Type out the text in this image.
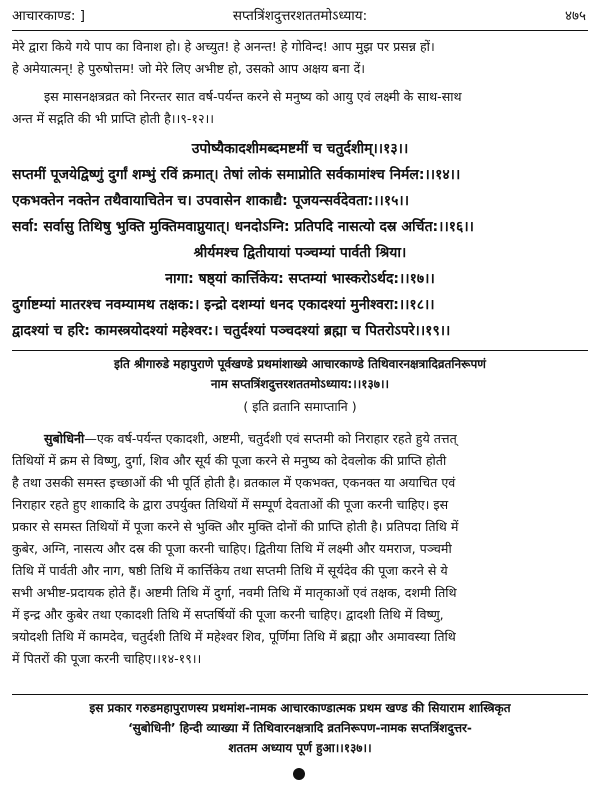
आचारकाण्ड: ]	सप्तत्रिंशदुत्तरशततमोऽध्याय:	४७५
मेरे द्वारा किये गये पाप का विनाश हो। हे अच्युत! हे अनन्त! हे गोविन्द! आप मुझ पर प्रसन्न हों।
हे अमेयात्मन्! हे पुरुषोत्तम! जो मेरे लिए अभीष्ट हो, उसको आप अक्षय बना दें।
इस मासनक्षत्रव्रत को निरन्तर सात वर्ष-पर्यन्त करने से मनुष्य को आयु एवं लक्ष्मी के साथ-साथ
अन्त में सद्गति की भी प्राप्ति होती है।।९-१२।।
उपोष्यैकादशीमब्दमष्टमीं च चतुर्दशीम्।।१३।।
सप्तमीं पूजयेद्विष्णुं दुर्गां शम्भुं रविं क्रमात्। तेषां लोकं समाप्नोति सर्वकामांश्च निर्मल:।।१४।।
एकभक्तेन नक्तेन तथैवायाचितेन च। उपवासेन शाकाद्यै: पूजयन्सर्वदेवता:।।१५।।
सर्वा: सर्वासु तिथिषु भुक्ति मुक्तिमवाप्नुयात्। धनदोऽग्नि: प्रतिपदि नासत्यो दस्र अर्चित:।।१६।।
श्रीर्यमश्च द्वितीयायां पञ्चम्यां पार्वती श्रिया।
नागा: षष्ठ्यां कार्त्तिकेय: सप्तम्यां भास्करोऽर्थद:।।१७।।
दुर्गाष्टम्यां मातरश्च नवम्यामथ तक्षक:। इन्द्रो दशम्यां धनद एकादश्यां मुनीश्वरा:।।१८।।
द्वादश्यां च हरि: कामस्त्रयोदश्यां महेश्वर:। चतुर्दश्यां पञ्चदश्यां ब्रह्मा च पितरोऽपरे।।१९।।
इति श्रीगारुडे महापुराणे पूर्वखण्डे प्रथमांशाख्ये आचारकाण्डे तिथिवारनक्षत्रादिव्रतनिरूपणं
नाम सप्तत्रिंशदुत्तरशततमोऽध्याय:।।१३७।।
( इति व्रतानि समाप्तानि )
सुबोधिनी—एक वर्ष-पर्यन्त एकादशी, अष्टमी, चतुर्दशी एवं सप्तमी को निराहार रहते हुये तत्तत्
तिथियों में क्रम से विष्णु, दुर्गा, शिव और सूर्य की पूजा करने से मनुष्य को देवलोक की प्राप्ति होती
है तथा उसकी समस्त इच्छाओं की भी पूर्ति होती है। व्रतकाल में एकभक्त, एकनक्त या अयाचित एवं
निराहार रहते हुए शाकादि के द्वारा उपर्युक्त तिथियों में सम्पूर्ण देवताओं की पूजा करनी चाहिए। इस
प्रकार से समस्त तिथियों में पूजा करने से भुक्ति और मुक्ति दोनों की प्राप्ति होती है। प्रतिपदा तिथि में
कुबेर, अग्नि, नासत्य और दस्र की पूजा करनी चाहिए। द्वितीया तिथि में लक्ष्मी और यमराज, पञ्चमी
तिथि में पार्वती और नाग, षष्ठी तिथि में कार्त्तिकेय तथा सप्तमी तिथि में सूर्यदेव की पूजा करने से ये
सभी अभीष्ट-प्रदायक होते हैं। अष्टमी तिथि में दुर्गा, नवमी तिथि में मातृकाओं एवं तक्षक, दशमी तिथि
में इन्द्र और कुबेर तथा एकादशी तिथि में सप्तर्षियों की पूजा करनी चाहिए। द्वादशी तिथि में विष्णु,
त्रयोदशी तिथि में कामदेव, चतुर्दशी तिथि में महेश्वर शिव, पूर्णिमा तिथि में ब्रह्मा और अमावस्या तिथि
में पितरों की पूजा करनी चाहिए।।१४-१९।।
इस प्रकार गरुडमहापुराणस्य प्रथमांश-नामक आचारकाण्डात्मक प्रथम खण्ड की सियाराम शास्त्रिकृत
‘सुबोधिनी’ हिन्दी व्याख्या में तिथिवारनक्षत्रादि व्रतनिरूपण-नामक सप्तत्रिंशदुत्तर-
शततम अध्याय पूर्ण हुआ।।१३७।।
